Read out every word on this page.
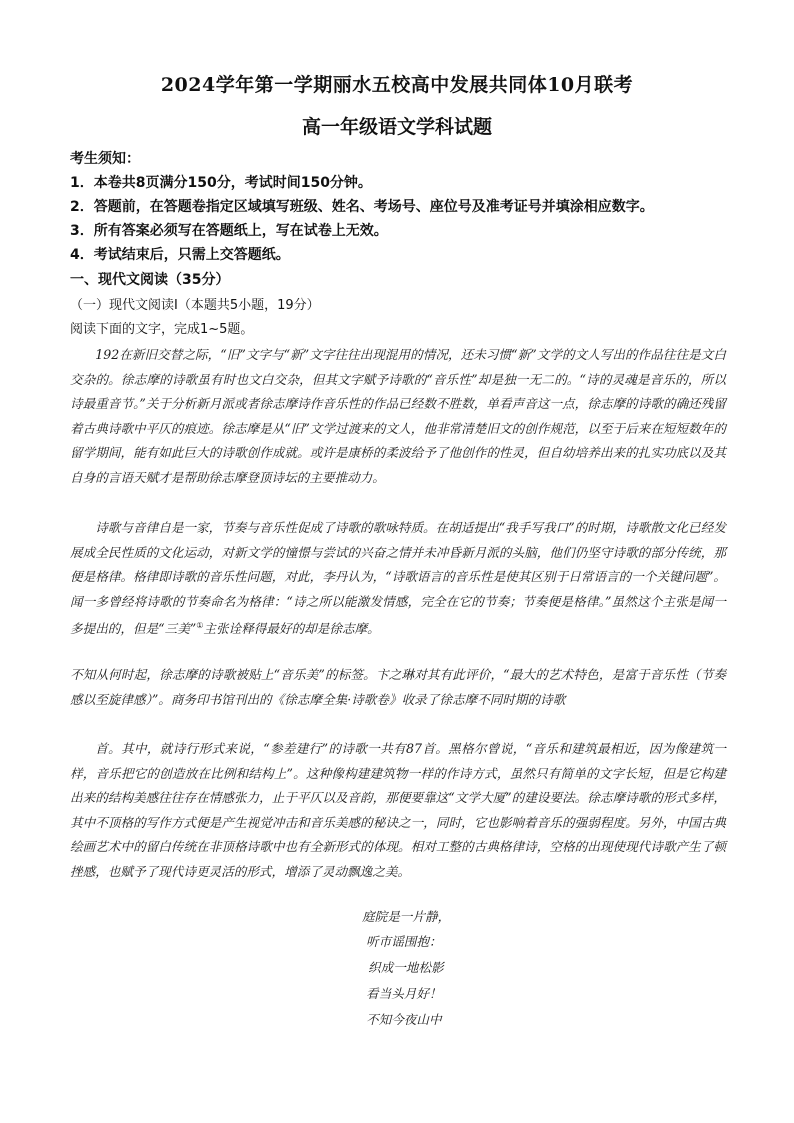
2024学年第一学期丽水五校高中发展共同体10月联考
高一年级语文学科试题
考生须知：
1．本卷共8页满分150分，考试时间150分钟。
2．答题前，在答题卷指定区域填写班级、姓名、考场号、座位号及准考证号并填涂相应数字。
3．所有答案必须写在答题纸上，写在试卷上无效。
4．考试结束后，只需上交答题纸。
一、现代文阅读（35分）
（一）现代文阅读Ⅰ（本题共5小题，19分）
阅读下面的文字，完成1~5题。
192在新旧交替之际，“旧”文字与“新”文字往往出现混用的情况，还未习惯“新”文学的文人写出的作品往往是文白交杂的。徐志摩的诗歌虽有时也文白交杂，但其文字赋予诗歌的“音乐性”却是独一无二的。“诗的灵魂是音乐的，所以诗最重音节。”关于分析新月派或者徐志摩诗作音乐性的作品已经数不胜数，单看声音这一点，徐志摩的诗歌的确还残留着古典诗歌中平仄的痕迹。徐志摩是从“旧”文学过渡来的文人，他非常清楚旧文的创作规范，以至于后来在短短数年的留学期间，能有如此巨大的诗歌创作成就。或许是康桥的柔波给予了他创作的性灵，但自幼培养出来的扎实功底以及其自身的言语天赋才是帮助徐志摩登顶诗坛的主要推动力。
诗歌与音律自是一家，节奏与音乐性促成了诗歌的歌咏特质。在胡适提出“我手写我口”的时期，诗歌散文化已经发展成全民性质的文化运动，对新文学的憧憬与尝试的兴奋之情并未冲昏新月派的头脑，他们仍坚守诗歌的部分传统，那便是格律。格律即诗歌的音乐性问题，对此，李丹认为，“诗歌语言的音乐性是使其区别于日常语言的一个关键问题”。闻一多曾经将诗歌的节奏命名为格律：“诗之所以能激发情感，完全在它的节奏；节奏便是格律。”虽然这个主张是闻一多提出的，但是“三美”①主张诠释得最好的却是徐志摩。
不知从何时起，徐志摩的诗歌被贴上“音乐美”的标签。卞之琳对其有此评价，“最大的艺术特色，是富于音乐性（节奏感以至旋律感）”。商务印书馆刊出的《徐志摩全集·诗歌卷》收录了徐志摩不同时期的诗歌
首。其中，就诗行形式来说，“参差建行”的诗歌一共有87首。黑格尔曾说，“音乐和建筑最相近，因为像建筑一样，音乐把它的创造放在比例和结构上”。这种像构建建筑物一样的作诗方式，虽然只有简单的文字长短，但是它构建出来的结构美感往往存在情感张力，止于平仄以及音韵，那便要靠这“文学大厦”的建设要法。徐志摩诗歌的形式多样，其中不顶格的写作方式便是产生视觉冲击和音乐美感的秘诀之一，同时，它也影响着音乐的强弱程度。另外，中国古典绘画艺术中的留白传统在非顶格诗歌中也有全新形式的体现。相对工整的古典格律诗，空格的出现使现代诗歌产生了顿挫感，也赋予了现代诗更灵活的形式，增添了灵动飘逸之美。
庭院是一片静，
听市谣围抱：
织成一地松影
看当头月好！
不知今夜山中
